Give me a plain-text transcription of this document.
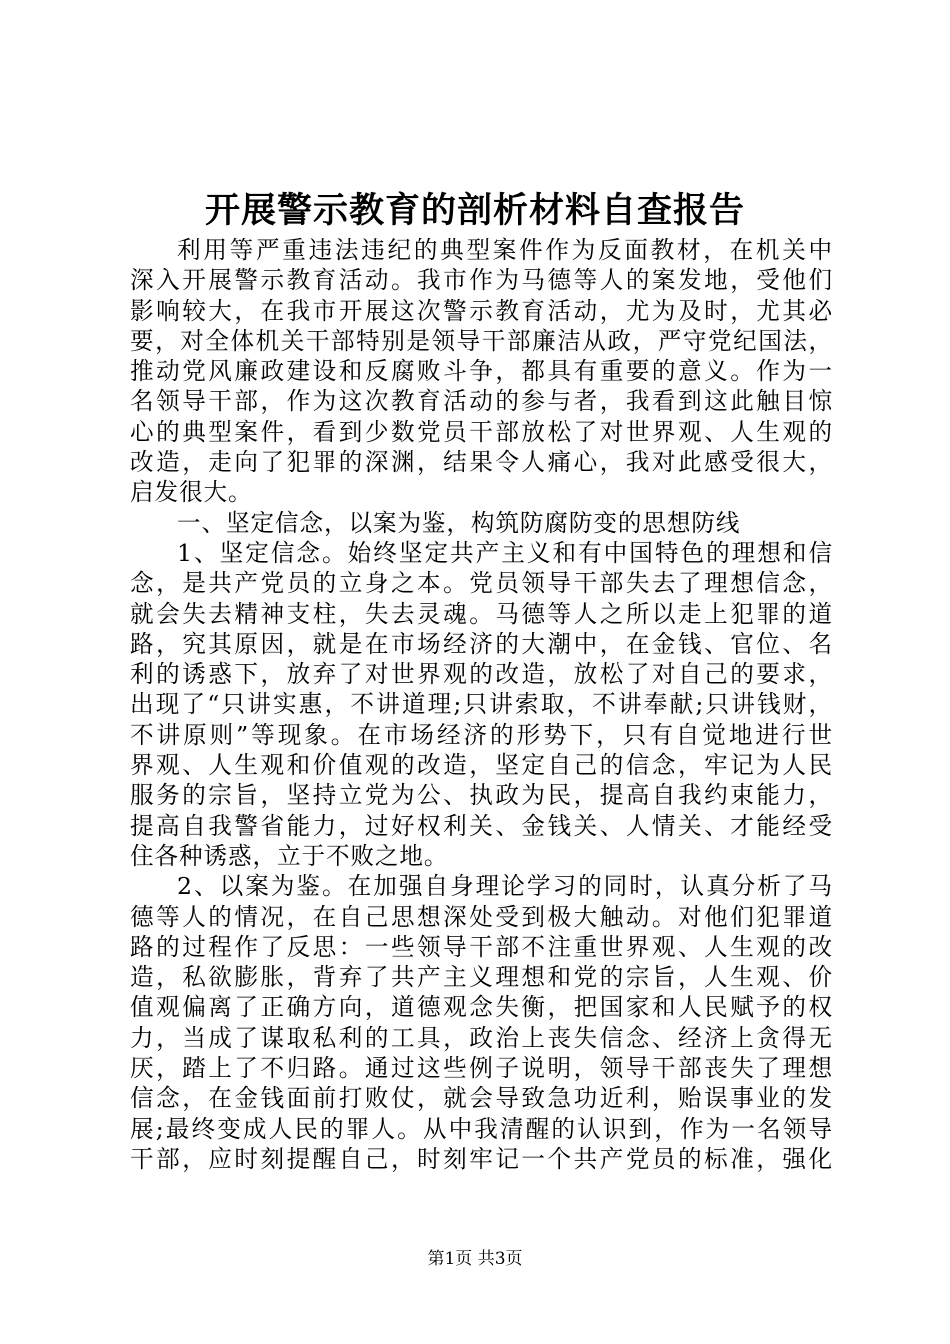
开展警示教育的剖析材料自查报告
利用等严重违法违纪的典型案件作为反面教材，在机关中
深入开展警示教育活动。我市作为马德等人的案发地，受他们
影响较大，在我市开展这次警示教育活动，尤为及时，尤其必
要，对全体机关干部特别是领导干部廉洁从政，严守党纪国法，
推动党风廉政建设和反腐败斗争，都具有重要的意义。作为一
名领导干部，作为这次教育活动的参与者，我看到这此触目惊
心的典型案件，看到少数党员干部放松了对世界观、人生观的
改造，走向了犯罪的深渊，结果令人痛心，我对此感受很大，
启发很大。
一、坚定信念，以案为鉴，构筑防腐防变的思想防线
1、坚定信念。始终坚定共产主义和有中国特色的理想和信
念，是共产党员的立身之本。党员领导干部失去了理想信念，
就会失去精神支柱，失去灵魂。马德等人之所以走上犯罪的道
路，究其原因，就是在市场经济的大潮中，在金钱、官位、名
利的诱惑下，放弃了对世界观的改造，放松了对自己的要求，
出现了“只讲实惠，不讲道理;只讲索取，不讲奉献;只讲钱财，
不讲原则”等现象。在市场经济的形势下，只有自觉地进行世
界观、人生观和价值观的改造，坚定自己的信念，牢记为人民
服务的宗旨，坚持立党为公、执政为民，提高自我约束能力，
提高自我警省能力，过好权利关、金钱关、人情关、才能经受
住各种诱惑，立于不败之地。
2、以案为鉴。在加强自身理论学习的同时，认真分析了马
德等人的情况，在自己思想深处受到极大触动。对他们犯罪道
路的过程作了反思：一些领导干部不注重世界观、人生观的改
造，私欲膨胀，背弃了共产主义理想和党的宗旨，人生观、价
值观偏离了正确方向，道德观念失衡，把国家和人民赋予的权
力，当成了谋取私利的工具，政治上丧失信念、经济上贪得无
厌，踏上了不归路。通过这些例子说明，领导干部丧失了理想
信念，在金钱面前打败仗，就会导致急功近利，贻误事业的发
展;最终变成人民的罪人。从中我清醒的认识到，作为一名领导
干部，应时刻提醒自己，时刻牢记一个共产党员的标准，强化
第1页 共3页
